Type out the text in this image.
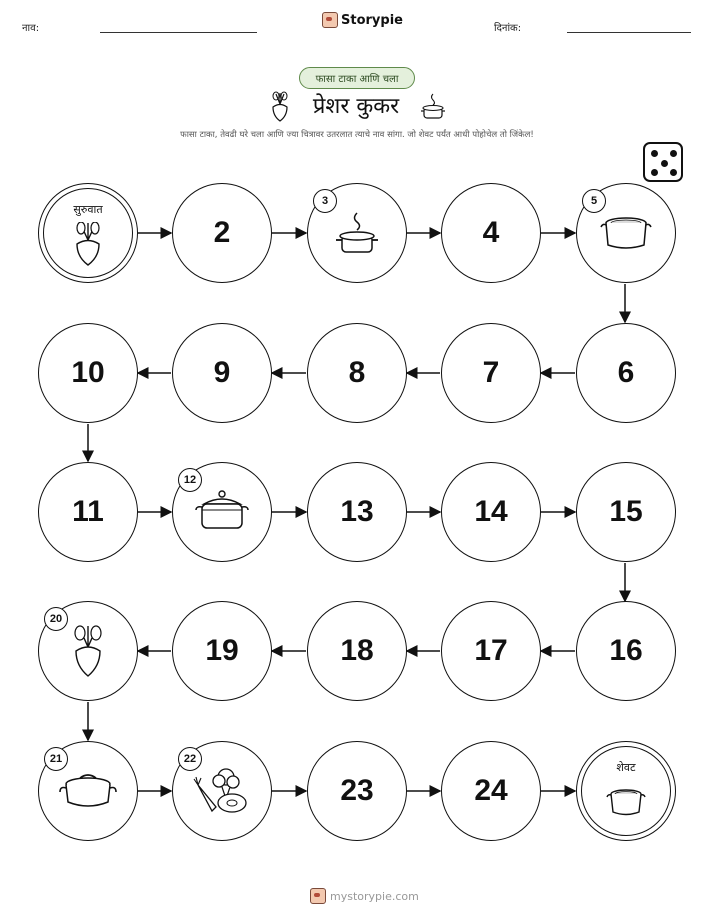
नाव:
Storypie
दिनांक:
फासा टाका आणि चला
प्रेशर कुकर
फासा टाका, तेवढी घरे चला आणि ज्या चित्रावर उतरलात त्याचे नाव सांगा. जो शेवट पर्यंत आधी पोहोचेल तो जिंकेल!
सुरुवात
2
3
4
5
10	9	8	7	6
11
12
13	14	15
20
19	18	17	16
21	22
23	24
शेवट
mystorypie.com
